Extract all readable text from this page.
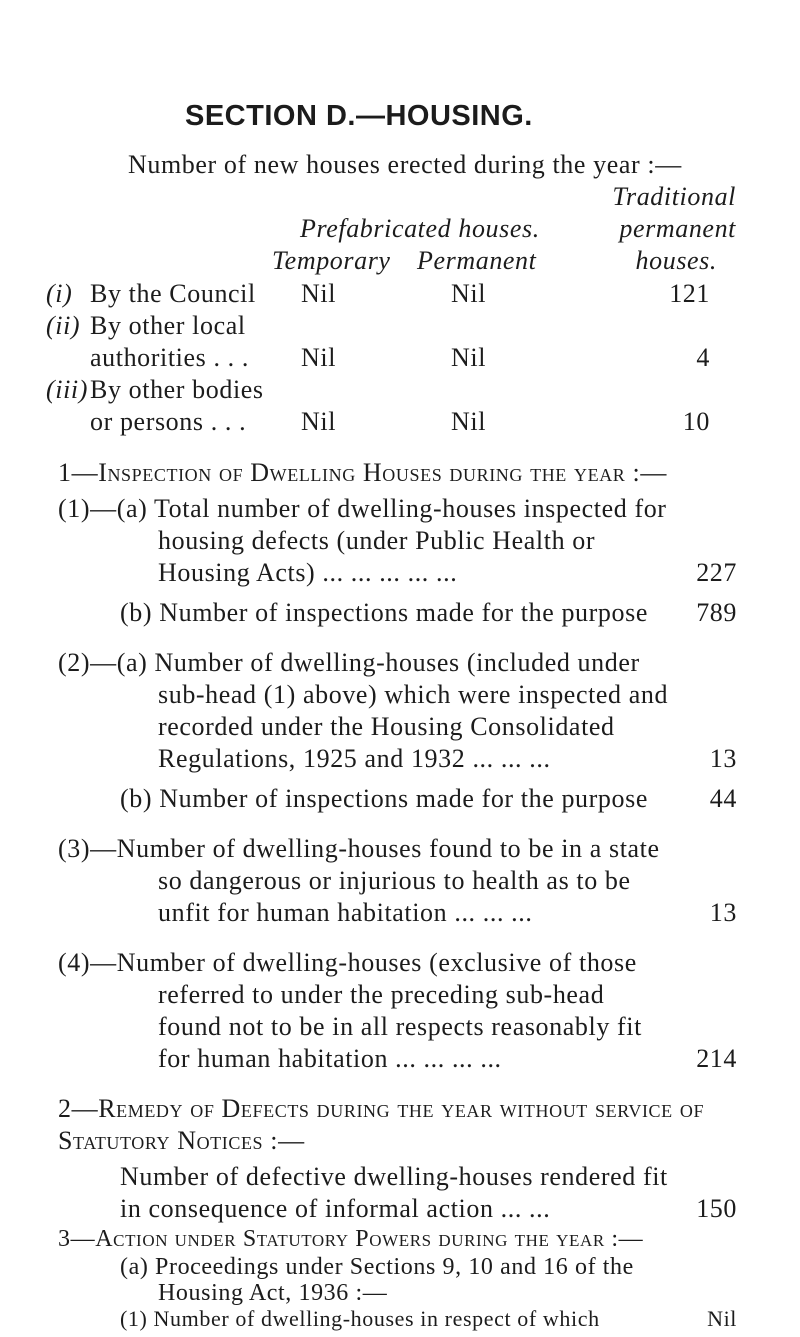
SECTION D.—HOUSING.
Number of new houses erected during the year :—
Traditional
Prefabricated houses.	permanent
Temporary Permanent	houses.
(i) By the Council Nil	Nil	121
(ii) By other local
authorities . . . Nil	Nil	4
(iii) By other bodies
or persons . . . Nil	Nil	10
1—Inspection of Dwelling Houses during the year :—
(1)—(a) Total number of dwelling-houses inspected for
housing defects (under Public Health or
Housing Acts) ... ... ... ... ...	227
(b) Number of inspections made for the purpose 789
(2)—(a) Number of dwelling-houses (included under
sub-head (1) above) which were inspected and
recorded under the Housing Consolidated
Regulations, 1925 and 1932 ... ... ...	13
(b) Number of inspections made for the purpose 44
(3)—Number of dwelling-houses found to be in a state
so dangerous or injurious to health as to be
unfit for human habitation ... ... ...	13
(4)—Number of dwelling-houses (exclusive of those
referred to under the preceding sub-head
found not to be in all respects reasonably fit
for human habitation ... ... ... ...	214
2—Remedy of Defects during the year without service of
Statutory Notices :—
Number of defective dwelling-houses rendered fit
in consequence of informal action ... ...	150
3—Action under Statutory Powers during the year :—
(a) Proceedings under Sections 9, 10 and 16 of the
Housing Act, 1936 :—
(1) Number of dwelling-houses in respect of which	Nil
